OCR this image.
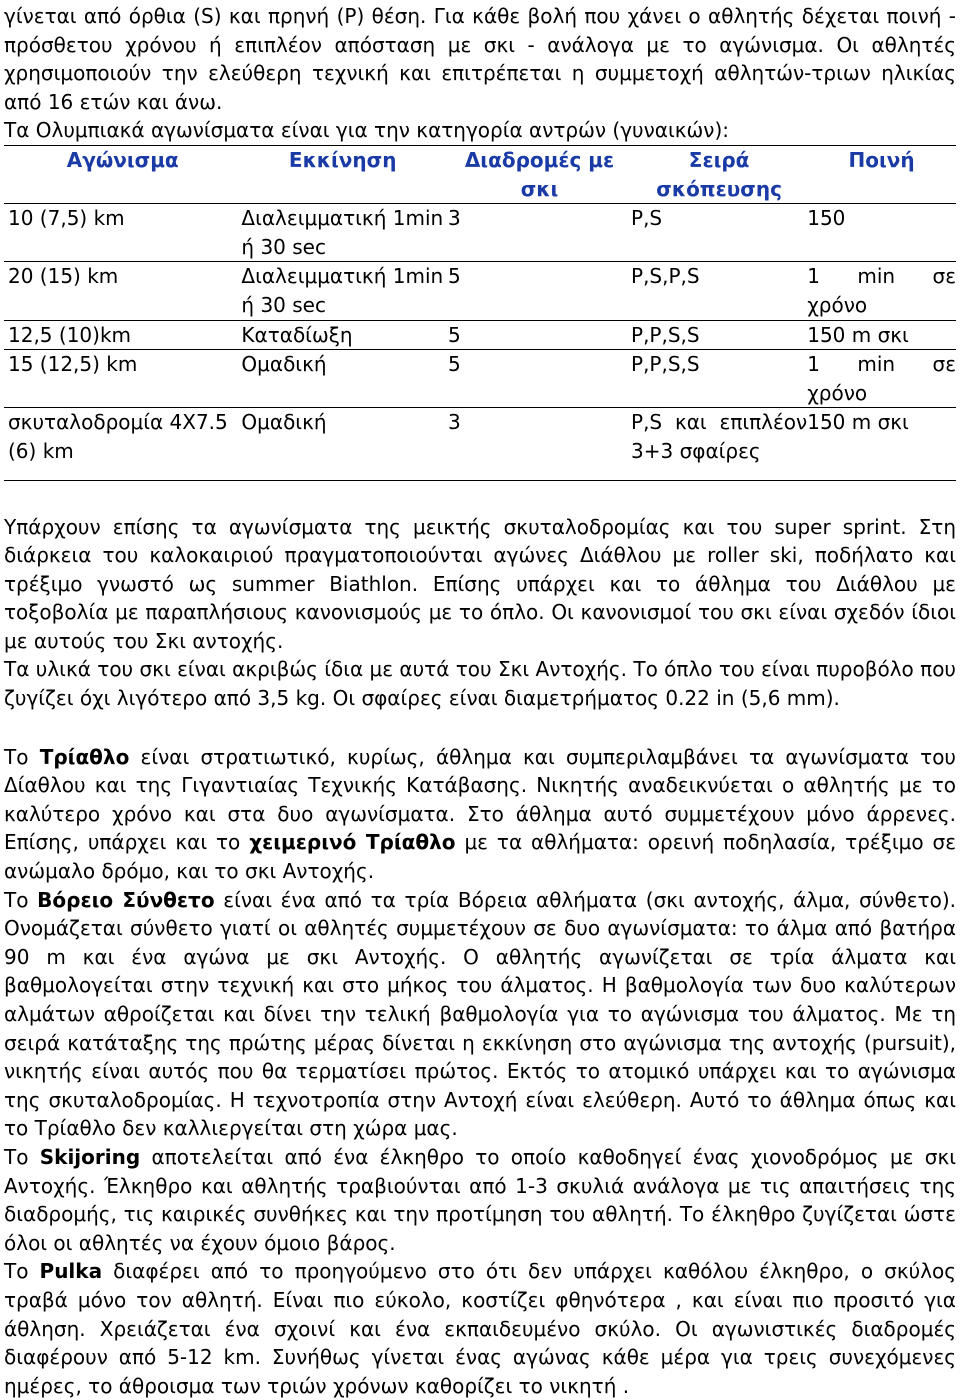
γίνεται από όρθια (S) και πρηνή (P) θέση. Για κάθε βολή που χάνει ο αθλητής δέχεται ποινή - πρόσθετου χρόνου ή επιπλέον απόσταση με σκι - ανάλογα με το αγώνισμα. Οι αθλητές χρησιμοποιούν την ελεύθερη τεχνική και επιτρέπεται η συμμετοχή αθλητών-τριων ηλικίας από 16 ετών και άνω.

Τα Ολυμπιακά αγωνίσματα είναι για την κατηγορία αντρών (γυναικών):

Αγώνισμα	Εκκίνηση	Διαδρομές με σκι	Σειρά σκόπευσης	Ποινή
10 (7,5) km	Διαλειμματική 1min ή 30 sec	3	P,S	150
20 (15) km	Διαλειμματική 1min ή 30 sec	5	P,S,P,S	1 min σε χρόνο
12,5 (10)km	Καταδίωξη	5	P,P,S,S	150 m σκι
15 (12,5) km	Ομαδική	5	P,P,S,S	1 min σε χρόνο
σκυταλοδρομία 4X7.5 (6) km	Ομαδική	3	P,S και επιπλέον 3+3 σφαίρες	150 m σκι

Υπάρχουν επίσης τα αγωνίσματα της μεικτής σκυταλοδρομίας και του super sprint. Στη διάρκεια του καλοκαιριού πραγματοποιούνται αγώνες Διάθλου με roller ski, ποδήλατο και τρέξιμο γνωστό ως summer Biathlon. Επίσης υπάρχει και το άθλημα του Διάθλου με τοξοβολία με παραπλήσιους κανονισμούς με το όπλο. Οι κανονισμοί του σκι είναι σχεδόν ίδιοι με αυτούς του Σκι αντοχής.

Τα υλικά του σκι είναι ακριβώς ίδια με αυτά του Σκι Αντοχής. Το όπλο του είναι πυροβόλο που ζυγίζει όχι λιγότερο από 3,5 kg. Οι σφαίρες είναι διαμετρήματος 0.22 in (5,6 mm).

Το Τρίαθλο είναι στρατιωτικό, κυρίως, άθλημα και συμπεριλαμβάνει τα αγωνίσματα του Δίαθλου και της Γιγαντιαίας Τεχνικής Κατάβασης. Νικητής αναδεικνύεται ο αθλητής με το καλύτερο χρόνο και στα δυο αγωνίσματα. Στο άθλημα αυτό συμμετέχουν μόνο άρρενες. Επίσης, υπάρχει και το χειμερινό Τρίαθλο με τα αθλήματα: ορεινή ποδηλασία, τρέξιμο σε ανώμαλο δρόμο, και το σκι Αντοχής.

Το Βόρειο Σύνθετο είναι ένα από τα τρία Βόρεια αθλήματα (σκι αντοχής, άλμα, σύνθετο). Ονομάζεται σύνθετο γιατί οι αθλητές συμμετέχουν σε δυο αγωνίσματα: το άλμα από βατήρα 90 m και ένα αγώνα με σκι Αντοχής. Ο αθλητής αγωνίζεται σε τρία άλματα και βαθμολογείται στην τεχνική και στο μήκος του άλματος. Η βαθμολογία των δυο καλύτερων αλμάτων αθροίζεται και δίνει την τελική βαθμολογία για το αγώνισμα του άλματος. Με τη σειρά κατάταξης της πρώτης μέρας δίνεται η εκκίνηση στο αγώνισμα της αντοχής (pursuit), νικητής είναι αυτός που θα τερματίσει πρώτος. Εκτός το ατομικό υπάρχει και το αγώνισμα της σκυταλοδρομίας. Η τεχνοτροπία στην Αντοχή είναι ελεύθερη. Αυτό το άθλημα όπως και το Τρίαθλο δεν καλλιεργείται στη χώρα μας.

Το Skijoring αποτελείται από ένα έλκηθρο το οποίο καθοδηγεί ένας χιονοδρόμος με σκι Αντοχής. Έλκηθρο και αθλητής τραβιούνται από 1-3 σκυλιά ανάλογα με τις απαιτήσεις της διαδρομής, τις καιρικές συνθήκες και την προτίμηση του αθλητή. Το έλκηθρο ζυγίζεται ώστε όλοι οι αθλητές να έχουν όμοιο βάρος.

Το Pulka διαφέρει από το προηγούμενο στο ότι δεν υπάρχει καθόλου έλκηθρο, ο σκύλος τραβά μόνο τον αθλητή. Είναι πιο εύκολο, κοστίζει φθηνότερα , και είναι πιο προσιτό για άθληση. Χρειάζεται ένα σχοινί και ένα εκπαιδευμένο σκύλο. Οι αγωνιστικές διαδρομές διαφέρουν από 5-12 km. Συνήθως γίνεται ένας αγώνας κάθε μέρα για τρεις συνεχόμενες ημέρες, το άθροισμα των τριών χρόνων καθορίζει το νικητή .
